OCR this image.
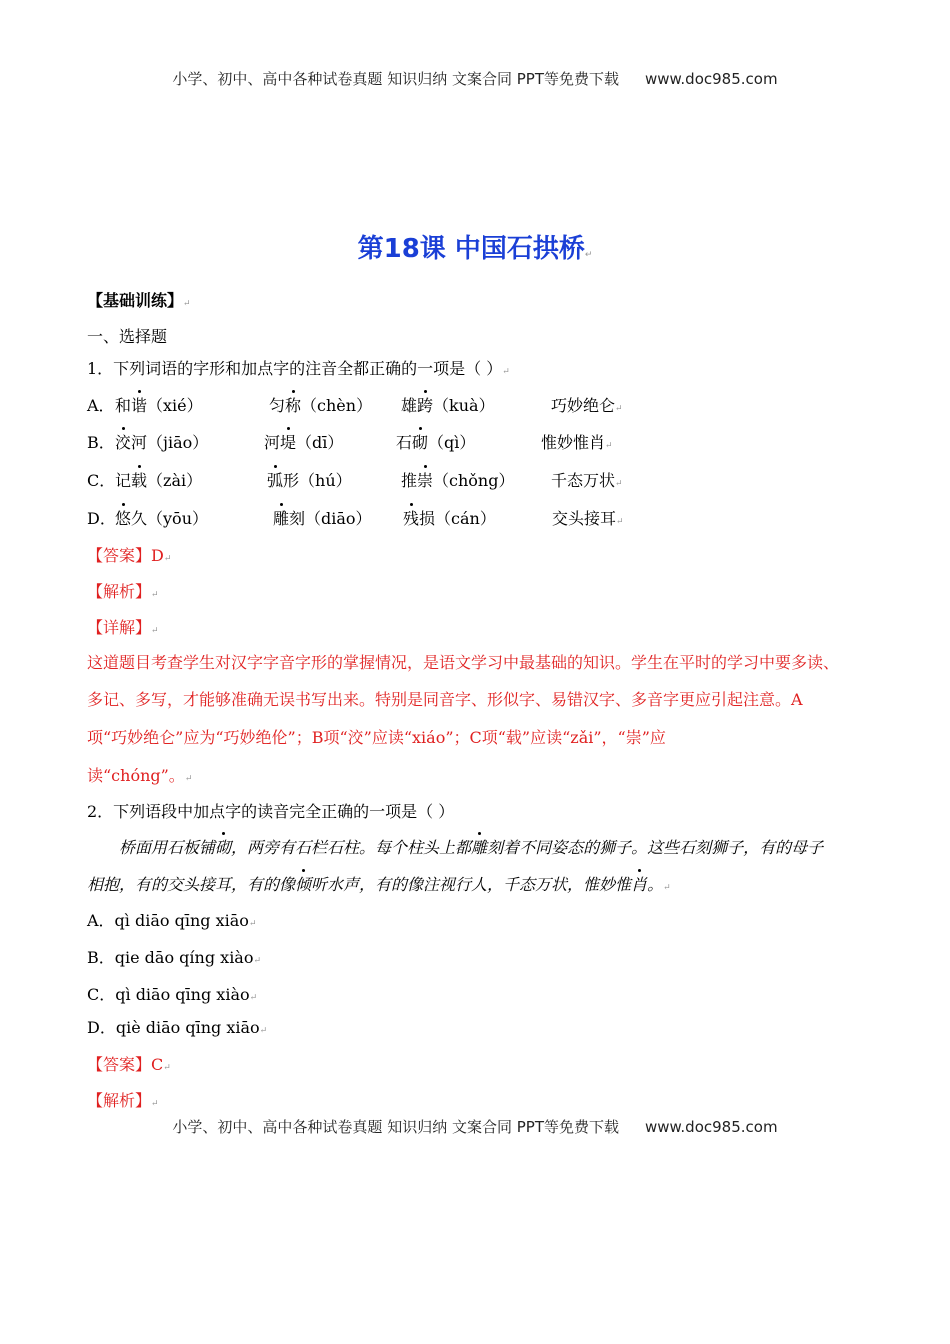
小学、初中、高中各种试卷真题 知识归纳 文案合同 PPT等免费下载 www.doc985.com
第18课 中国石拱桥↵
【基础训练】↵
一、选择题
1．下列词语的字形和加点字的注音全都正确的一项是（ ）↵
A． 和谐（xié）	匀称（chèn） 雄跨（kuà）	巧妙绝仑↵
B． 洨河（jiāo）	河堤（dī）	石砌（qì）	惟妙惟肖↵
C． 记载（zài）	弧形（hú）	推崇（chǒng） 千态万状↵
D． 悠久（yōu）	雕刻（diāo） 残损（cán）	交头接耳↵
【答案】D↵
【解析】↵
【详解】↵
这道题目考查学生对汉字字音字形的掌握情况，是语文学习中最基础的知识。学生在平时的学习中要多读、
多记、多写，才能够准确无误书写出来。特别是同音字、形似字、易错汉字、多音字更应引起注意。A
项“巧妙绝仑”应为“巧妙绝伦”；B项“洨”应读“xiáo”；C项“载”应读“zǎi”，“崇”应
读“chóng”。↵
2．下列语段中加点字的读音完全正确的一项是（ ）
桥面用石板铺砌，两旁有石栏石柱。每个柱头上都雕刻着不同姿态的狮子。这些石刻狮子，有的母子
相抱，有的交头接耳，有的像倾听水声，有的像注视行人，千态万状，惟妙惟肖。↵
A．qì diāo qīng xiāo↵
B．qie dāo qíng xiào↵
C．qì diāo qīng xiào↵
D．qiè diāo qīng xiāo↵
【答案】C↵
【解析】↵
小学、初中、高中各种试卷真题 知识归纳 文案合同 PPT等免费下载 www.doc985.com
